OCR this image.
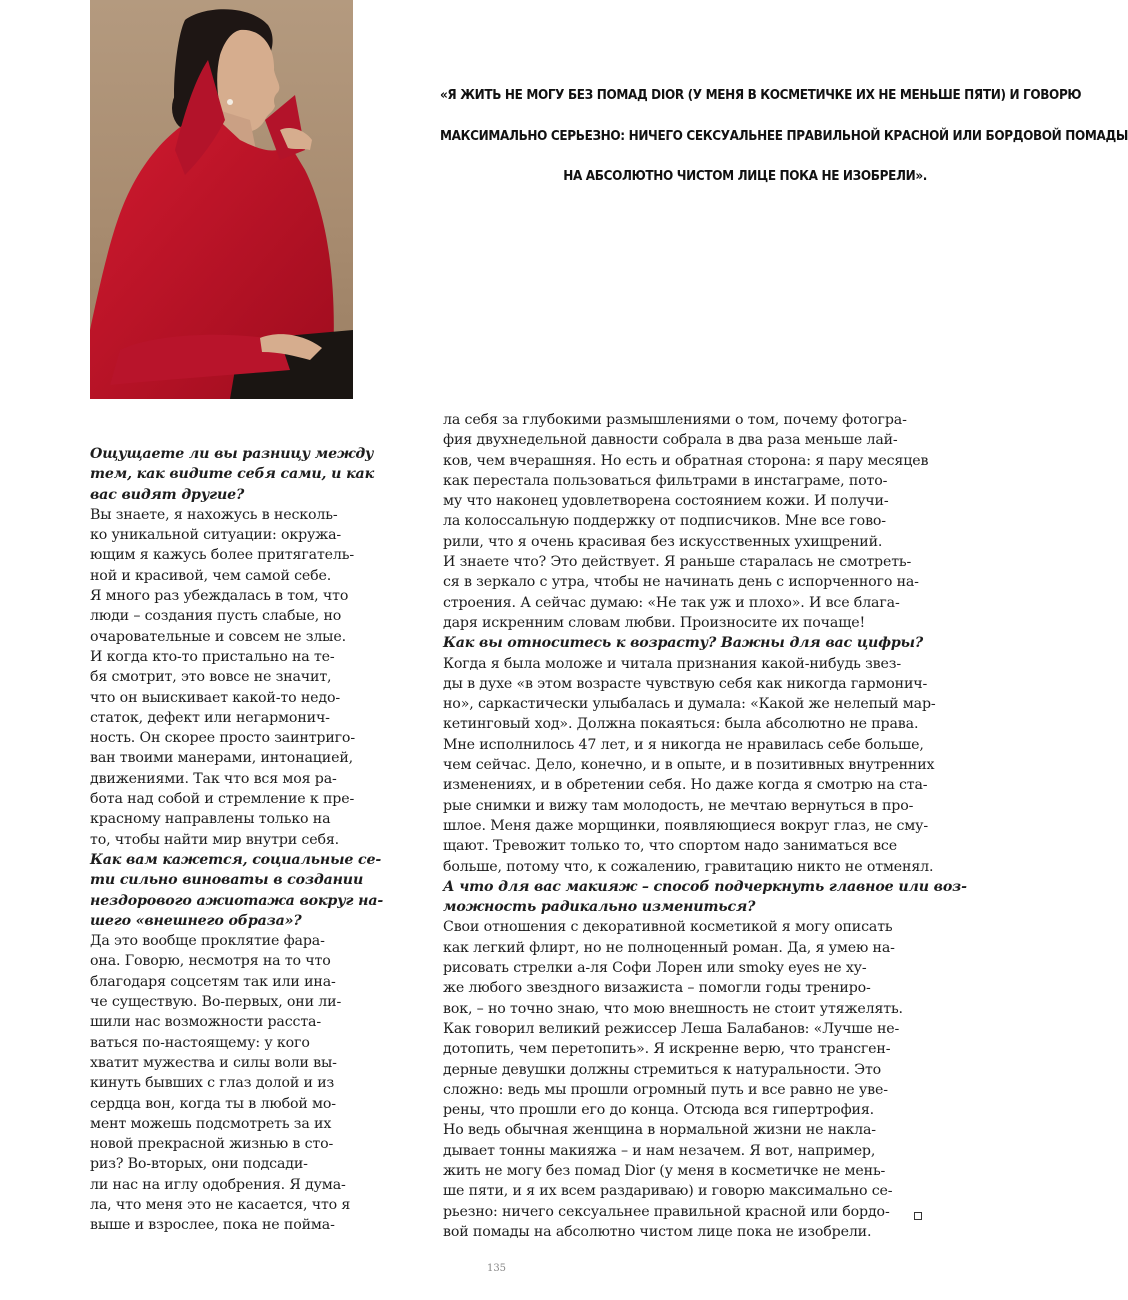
«Я ЖИТЬ НЕ МОГУ БЕЗ ПОМАД DIOR (У МЕНЯ В КОСМЕТИЧКЕ ИХ НЕ МЕНЬШЕ ПЯТИ) И ГОВОРЮ

МАКСИМАЛЬНО СЕРЬЕЗНО: НИЧЕГО СЕКСУАЛЬНЕЕ ПРАВИЛЬНОЙ КРАСНОЙ ИЛИ БОРДОВОЙ ПОМАДЫ

НА АБСОЛЮТНО ЧИСТОМ ЛИЦЕ ПОКА НЕ ИЗОБРЕЛИ».

Ощущаете ли вы разницу между

тем, как видите себя сами, и как

вас видят другие?

Вы знаете, я нахожусь в несколь-

ко уникальной ситуации: окружа-

ющим я кажусь более притягатель-

ной и красивой, чем самой себе.

Я много раз убеждалась в том, что

люди – создания пусть слабые, но

очаровательные и совсем не злые.

И когда кто-то пристально на те-

бя смотрит, это вовсе не значит,

что он выискивает какой-то недо-

статок, дефект или негармонич-

ность. Он скорее просто заинтриго-

ван твоими манерами, интонацией,

движениями. Так что вся моя ра-

бота над собой и стремление к пре-

красному направлены только на

то, чтобы найти мир внутри себя.

Как вам кажется, социальные се-

ти сильно виноваты в создании

нездорового ажиотажа вокруг на-

шего «внешнего образа»?

Да это вообще проклятие фара-

она. Говорю, несмотря на то что

благодаря соцсетям так или ина-

че существую. Во-первых, они ли-

шили нас возможности расста-

ваться по-настоящему: у кого

хватит мужества и силы воли вы-

кинуть бывших с глаз долой и из

сердца вон, когда ты в любой мо-

мент можешь подсмотреть за их

новой прекрасной жизнью в сто-

риз? Во-вторых, они подсади-

ли нас на иглу одобрения. Я дума-

ла, что меня это не касается, что я

выше и взрослее, пока не пойма-

ла себя за глубокими размышлениями о том, почему фотогра-

фия двухнедельной давности собрала в два раза меньше лай-

ков, чем вчерашняя. Но есть и обратная сторона: я пару месяцев

как перестала пользоваться фильтрами в инстаграме, пото-

му что наконец удовлетворена состоянием кожи. И получи-

ла колоссальную поддержку от подписчиков. Мне все гово-

рили, что я очень красивая без искусственных ухищрений.

И знаете что? Это действует. Я раньше старалась не смотреть-

ся в зеркало с утра, чтобы не начинать день с испорченного на-

строения. А сейчас думаю: «Не так уж и плохо». И все блага-

даря искренним словам любви. Произносите их почаще!

Как вы относитесь к возрасту? Важны для вас цифры?

Когда я была моложе и читала признания какой-нибудь звез-

ды в духе «в этом возрасте чувствую себя как никогда гармонич-

но», саркастически улыбалась и думала: «Какой же нелепый мар-

кетинговый ход». Должна покаяться: была абсолютно не права.

Мне исполнилось 47 лет, и я никогда не нравилась себе больше,

чем сейчас. Дело, конечно, и в опыте, и в позитивных внутренних

изменениях, и в обретении себя. Но даже когда я смотрю на ста-

рые снимки и вижу там молодость, не мечтаю вернуться в про-

шлое. Меня даже морщинки, появляющиеся вокруг глаз, не сму-

щают. Тревожит только то, что спортом надо заниматься все

больше, потому что, к сожалению, гравитацию никто не отменял.

А что для вас макияж – способ подчеркнуть главное или воз-

можность радикально измениться?

Свои отношения с декоративной косметикой я могу описать

как легкий флирт, но не полноценный роман. Да, я умею на-

рисовать стрелки а-ля Софи Лорен или smoky eyes не ху-

же любого звездного визажиста – помогли годы трениро-

вок, – но точно знаю, что мою внешность не стоит утяжелять.

Как говорил великий режиссер Леша Балабанов: «Лучше не-

дотопить, чем перетопить». Я искренне верю, что трансген-

дерные девушки должны стремиться к натуральности. Это

сложно: ведь мы прошли огромный путь и все равно не уве-

рены, что прошли его до конца. Отсюда вся гипертрофия.

Но ведь обычная женщина в нормальной жизни не накла-

дывает тонны макияжа – и нам незачем. Я вот, например,

жить не могу без помад Dior (у меня в косметичке не мень-

ше пяти, и я их всем раздариваю) и говорю максимально се-

рьезно: ничего сексуальнее правильной красной или бордо-

вой помады на абсолютно чистом лице пока не изобрели.

135
